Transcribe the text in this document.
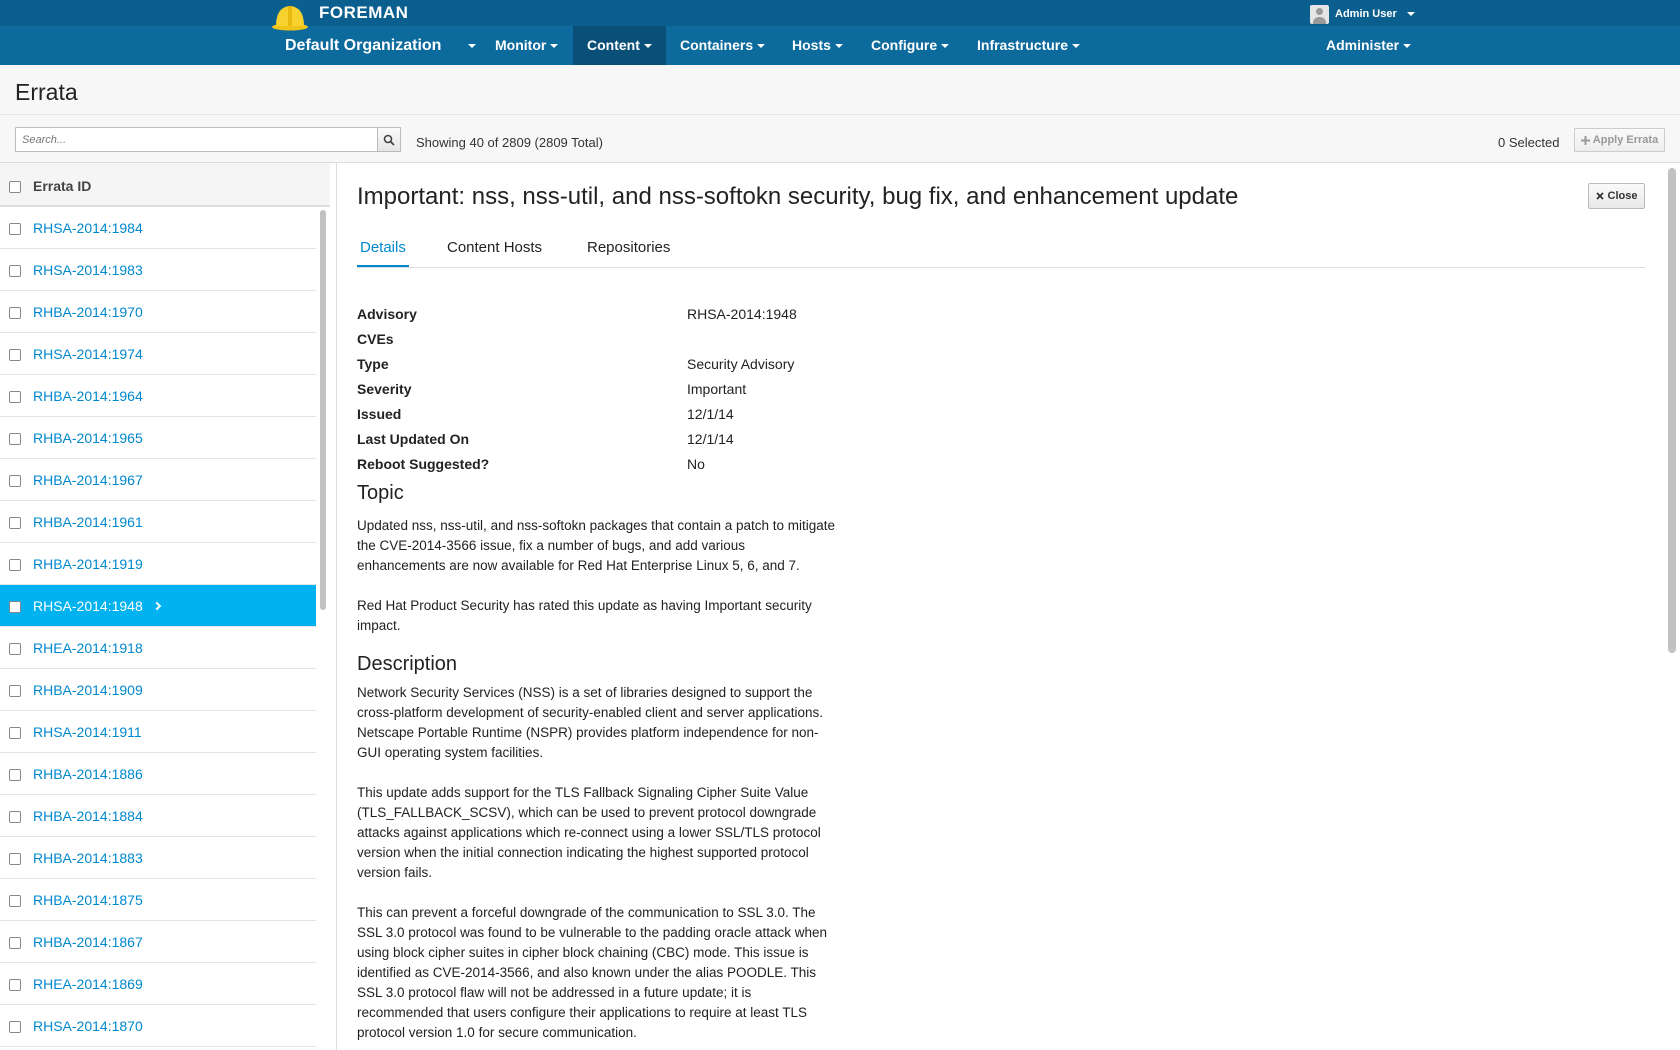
FOREMAN	Admin User
Default Organization	Monitor	Content	Containers	Hosts	Configure	Infrastructure	Administer
Errata
Search...
Showing 40 of 2809 (2809 Total)	0 Selected	Apply Errata
Errata ID
RHSA-2014:1984
RHSA-2014:1983
RHBA-2014:1970
RHSA-2014:1974
RHBA-2014:1964
RHBA-2014:1965
RHBA-2014:1967
RHBA-2014:1961
RHBA-2014:1919
RHSA-2014:1948
RHEA-2014:1918
RHBA-2014:1909
RHSA-2014:1911
RHBA-2014:1886
RHBA-2014:1884
RHBA-2014:1883
RHBA-2014:1875
RHBA-2014:1867
RHEA-2014:1869
RHSA-2014:1870
Important: nss, nss-util, and nss-softokn security, bug fix, and enhancement update	Close
Details	Content Hosts	Repositories
Advisory	RHSA-2014:1948
CVEs
Type	Security Advisory
Severity	Important
Issued	12/1/14
Last Updated On	12/1/14
Reboot Suggested?	No
Topic
Updated nss, nss-util, and nss-softokn packages that contain a patch to mitigate the CVE-2014-3566 issue, fix a number of bugs, and add various enhancements are now available for Red Hat Enterprise Linux 5, 6, and 7.
Red Hat Product Security has rated this update as having Important security impact.
Description
Network Security Services (NSS) is a set of libraries designed to support the cross-platform development of security-enabled client and server applications. Netscape Portable Runtime (NSPR) provides platform independence for non-GUI operating system facilities.
This update adds support for the TLS Fallback Signaling Cipher Suite Value (TLS_FALLBACK_SCSV), which can be used to prevent protocol downgrade attacks against applications which re-connect using a lower SSL/TLS protocol version when the initial connection indicating the highest supported protocol version fails.
This can prevent a forceful downgrade of the communication to SSL 3.0. The SSL 3.0 protocol was found to be vulnerable to the padding oracle attack when using block cipher suites in cipher block chaining (CBC) mode. This issue is identified as CVE-2014-3566, and also known under the alias POODLE. This SSL 3.0 protocol flaw will not be addressed in a future update; it is recommended that users configure their applications to require at least TLS protocol version 1.0 for secure communication.
